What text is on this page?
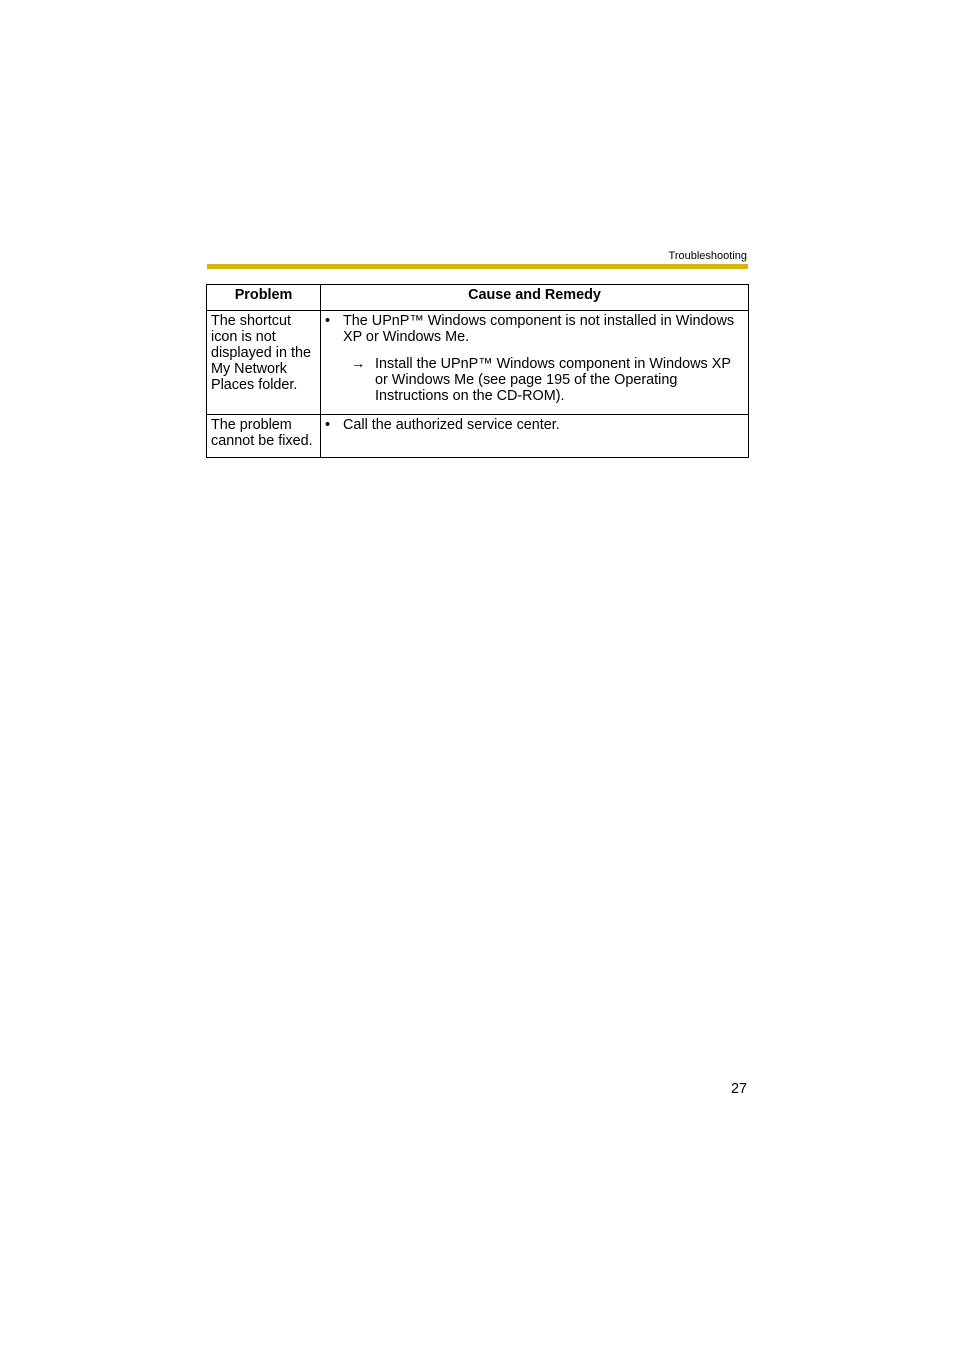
Troubleshooting
Problem	Cause and Remedy
The shortcut icon is not displayed in the My Network Places folder.	• The UPnP™ Windows component is not installed in Windows XP or Windows Me.
→ Install the UPnP™ Windows component in Windows XP or Windows Me (see page 195 of the Operating Instructions on the CD-ROM).

The problem cannot be fixed.	• Call the authorized service center.
27
